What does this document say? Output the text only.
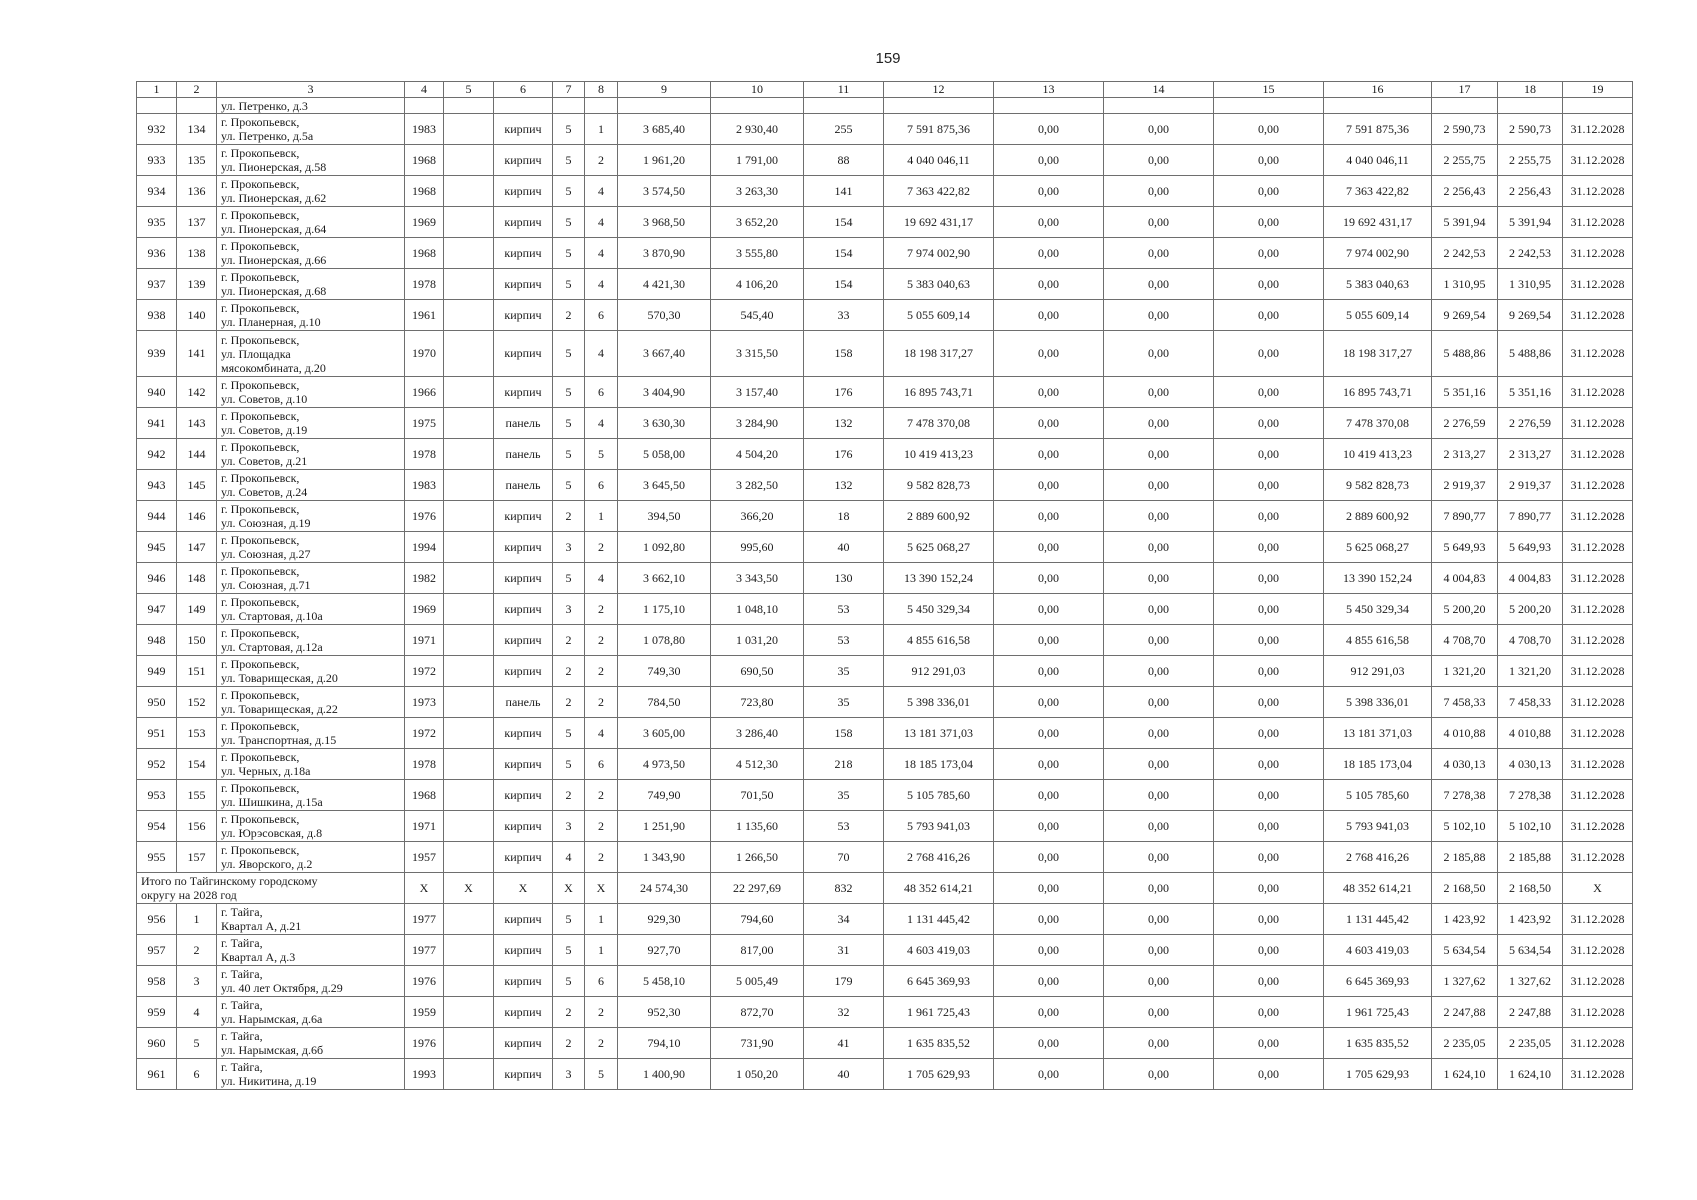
159
1	2	3	4	5	6	7	8	9	10	11	12	13	14	15	16	17	18	19
		ул. Петренко, д.3																
932	134	г. Прокопьевск,
ул. Петренко, д.5а	1983		кирпич	5	1	3 685,40	2 930,40	255	7 591 875,36	0,00	0,00	0,00	7 591 875,36	2 590,73	2 590,73	31.12.2028
933	135	г. Прокопьевск,
ул. Пионерская, д.58	1968		кирпич	5	2	1 961,20	1 791,00	88	4 040 046,11	0,00	0,00	0,00	4 040 046,11	2 255,75	2 255,75	31.12.2028
934	136	г. Прокопьевск,
ул. Пионерская, д.62	1968		кирпич	5	4	3 574,50	3 263,30	141	7 363 422,82	0,00	0,00	0,00	7 363 422,82	2 256,43	2 256,43	31.12.2028
935	137	г. Прокопьевск,
ул. Пионерская, д.64	1969		кирпич	5	4	3 968,50	3 652,20	154	19 692 431,17	0,00	0,00	0,00	19 692 431,17	5 391,94	5 391,94	31.12.2028
936	138	г. Прокопьевск,
ул. Пионерская, д.66	1968		кирпич	5	4	3 870,90	3 555,80	154	7 974 002,90	0,00	0,00	0,00	7 974 002,90	2 242,53	2 242,53	31.12.2028
937	139	г. Прокопьевск,
ул. Пионерская, д.68	1978		кирпич	5	4	4 421,30	4 106,20	154	5 383 040,63	0,00	0,00	0,00	5 383 040,63	1 310,95	1 310,95	31.12.2028
938	140	г. Прокопьевск,
ул. Планерная, д.10	1961		кирпич	2	6	570,30	545,40	33	5 055 609,14	0,00	0,00	0,00	5 055 609,14	9 269,54	9 269,54	31.12.2028
939	141	г. Прокопьевск,
ул. Площадка
мясокомбината, д.20	1970		кирпич	5	4	3 667,40	3 315,50	158	18 198 317,27	0,00	0,00	0,00	18 198 317,27	5 488,86	5 488,86	31.12.2028
940	142	г. Прокопьевск,
ул. Советов, д.10	1966		кирпич	5	6	3 404,90	3 157,40	176	16 895 743,71	0,00	0,00	0,00	16 895 743,71	5 351,16	5 351,16	31.12.2028
941	143	г. Прокопьевск,
ул. Советов, д.19	1975		панель	5	4	3 630,30	3 284,90	132	7 478 370,08	0,00	0,00	0,00	7 478 370,08	2 276,59	2 276,59	31.12.2028
942	144	г. Прокопьевск,
ул. Советов, д.21	1978		панель	5	5	5 058,00	4 504,20	176	10 419 413,23	0,00	0,00	0,00	10 419 413,23	2 313,27	2 313,27	31.12.2028
943	145	г. Прокопьевск,
ул. Советов, д.24	1983		панель	5	6	3 645,50	3 282,50	132	9 582 828,73	0,00	0,00	0,00	9 582 828,73	2 919,37	2 919,37	31.12.2028
944	146	г. Прокопьевск,
ул. Союзная, д.19	1976		кирпич	2	1	394,50	366,20	18	2 889 600,92	0,00	0,00	0,00	2 889 600,92	7 890,77	7 890,77	31.12.2028
945	147	г. Прокопьевск,
ул. Союзная, д.27	1994		кирпич	3	2	1 092,80	995,60	40	5 625 068,27	0,00	0,00	0,00	5 625 068,27	5 649,93	5 649,93	31.12.2028
946	148	г. Прокопьевск,
ул. Союзная, д.71	1982		кирпич	5	4	3 662,10	3 343,50	130	13 390 152,24	0,00	0,00	0,00	13 390 152,24	4 004,83	4 004,83	31.12.2028
947	149	г. Прокопьевск,
ул. Стартовая, д.10а	1969		кирпич	3	2	1 175,10	1 048,10	53	5 450 329,34	0,00	0,00	0,00	5 450 329,34	5 200,20	5 200,20	31.12.2028
948	150	г. Прокопьевск,
ул. Стартовая, д.12а	1971		кирпич	2	2	1 078,80	1 031,20	53	4 855 616,58	0,00	0,00	0,00	4 855 616,58	4 708,70	4 708,70	31.12.2028
949	151	г. Прокопьевск,
ул. Товарищеская, д.20	1972		кирпич	2	2	749,30	690,50	35	912 291,03	0,00	0,00	0,00	912 291,03	1 321,20	1 321,20	31.12.2028
950	152	г. Прокопьевск,
ул. Товарищеская, д.22	1973		панель	2	2	784,50	723,80	35	5 398 336,01	0,00	0,00	0,00	5 398 336,01	7 458,33	7 458,33	31.12.2028
951	153	г. Прокопьевск,
ул. Транспортная, д.15	1972		кирпич	5	4	3 605,00	3 286,40	158	13 181 371,03	0,00	0,00	0,00	13 181 371,03	4 010,88	4 010,88	31.12.2028
952	154	г. Прокопьевск,
ул. Черных, д.18а	1978		кирпич	5	6	4 973,50	4 512,30	218	18 185 173,04	0,00	0,00	0,00	18 185 173,04	4 030,13	4 030,13	31.12.2028
953	155	г. Прокопьевск,
ул. Шишкина, д.15а	1968		кирпич	2	2	749,90	701,50	35	5 105 785,60	0,00	0,00	0,00	5 105 785,60	7 278,38	7 278,38	31.12.2028
954	156	г. Прокопьевск,
ул. Юрэсовская, д.8	1971		кирпич	3	2	1 251,90	1 135,60	53	5 793 941,03	0,00	0,00	0,00	5 793 941,03	5 102,10	5 102,10	31.12.2028
955	157	г. Прокопьевск,
ул. Яворского, д.2	1957		кирпич	4	2	1 343,90	1 266,50	70	2 768 416,26	0,00	0,00	0,00	2 768 416,26	2 185,88	2 185,88	31.12.2028

Итого по Тайгинскому городскому
округу на 2028 год			X	X	X	X	X	24 574,30	22 297,69	832	48 352 614,21	0,00	0,00	0,00	48 352 614,21	2 168,50	2 168,50	X
956	1	г. Тайга,
Квартал А, д.21	1977		кирпич	5	1	929,30	794,60	34	1 131 445,42	0,00	0,00	0,00	1 131 445,42	1 423,92	1 423,92	31.12.2028
957	2	г. Тайга,
Квартал А, д.3	1977		кирпич	5	1	927,70	817,00	31	4 603 419,03	0,00	0,00	0,00	4 603 419,03	5 634,54	5 634,54	31.12.2028
958	3	г. Тайга,
ул. 40 лет Октября, д.29	1976		кирпич	5	6	5 458,10	5 005,49	179	6 645 369,93	0,00	0,00	0,00	6 645 369,93	1 327,62	1 327,62	31.12.2028
959	4	г. Тайга,
ул. Нарымская, д.6а	1959		кирпич	2	2	952,30	872,70	32	1 961 725,43	0,00	0,00	0,00	1 961 725,43	2 247,88	2 247,88	31.12.2028
960	5	г. Тайга,
ул. Нарымская, д.6б	1976		кирпич	2	2	794,10	731,90	41	1 635 835,52	0,00	0,00	0,00	1 635 835,52	2 235,05	2 235,05	31.12.2028
961	6	г. Тайга,
ул. Никитина, д.19	1993		кирпич	3	5	1 400,90	1 050,20	40	1 705 629,93	0,00	0,00	0,00	1 705 629,93	1 624,10	1 624,10	31.12.2028
